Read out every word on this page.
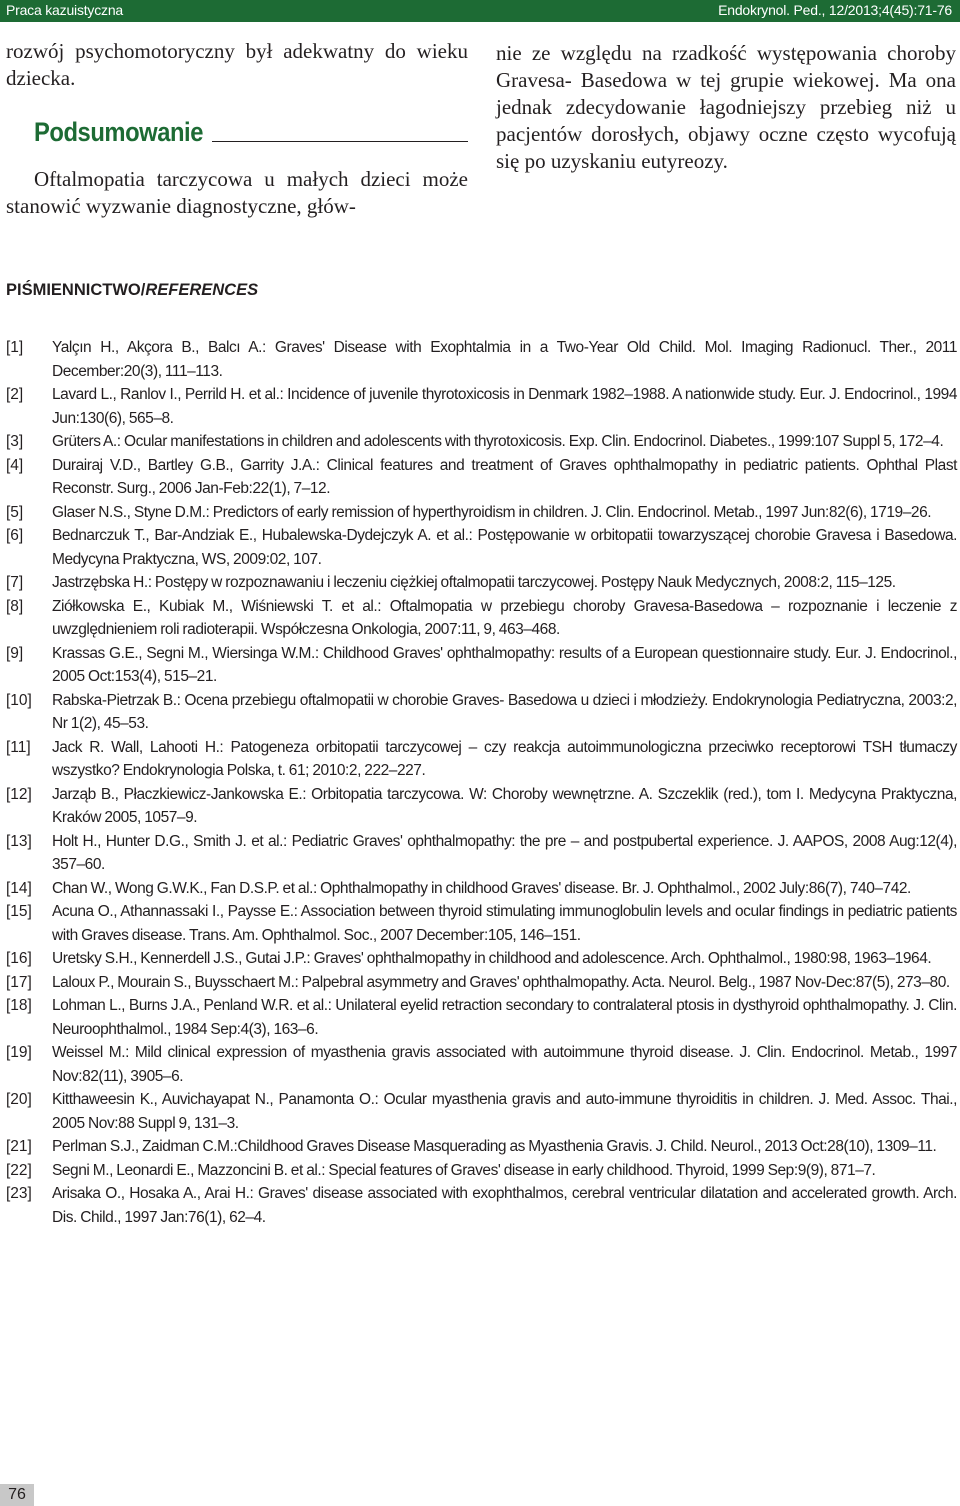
Praca kazuistyczna	Endokrynol. Ped., 12/2013;4(45):71-76

rozwój psychomotoryczny był adekwatny do wieku dziecka.

Podsumowanie

Oftalmopatia tarczycowa u małych dzieci może stanowić wyzwanie diagnostyczne, głów-

nie ze względu na rzadkość występowania choroby Gravesa- Basedowa w tej grupie wiekowej. Ma ona jednak zdecydowanie łagodniejszy przebieg niż u pacjentów dorosłych, objawy oczne często wycofują się po uzyskaniu eutyreozy.

PIŚMIENNICTWO/REFERENCES
[1]	Yalçın H., Akçora B., Balcı A.: Graves' Disease with Exophtalmia in a Two-Year Old Child. Mol. Imaging Radionucl. Ther., 2011 December:20(3), 111–113.
[2]	Lavard L., Ranlov I., Perrild H. et al.: Incidence of juvenile thyrotoxicosis in Denmark 1982–1988. A nationwide study. Eur. J. Endocrinol., 1994 Jun:130(6), 565–8.
[3]	Grüters A.: Ocular manifestations in children and adolescents with thyrotoxicosis. Exp. Clin. Endocrinol. Diabetes., 1999:107 Suppl 5, 172–4.
[4]	Durairaj V.D., Bartley G.B., Garrity J.A.: Clinical features and treatment of Graves ophthalmopathy in pediatric patients. Ophthal Plast Reconstr. Surg., 2006 Jan-Feb:22(1), 7–12.
[5]	Glaser N.S., Styne D.M.: Predictors of early remission of hyperthyroidism in children. J. Clin. Endocrinol. Metab., 1997 Jun:82(6), 1719–26.
[6]	Bednarczuk T., Bar-Andziak E., Hubalewska-Dydejczyk A. et al.: Postępowanie w orbitopatii towarzyszącej chorobie Gravesa i Basedowa. Medycyna Praktyczna, WS, 2009:02, 107.
[7]	Jastrzębska H.: Postępy w rozpoznawaniu i leczeniu ciężkiej oftalmopatii tarczycowej. Postępy Nauk Medycznych, 2008:2, 115–125.
[8]	Ziółkowska E., Kubiak M., Wiśniewski T. et al.: Oftalmopatia w przebiegu choroby Gravesa-Basedowa – rozpoznanie i leczenie z uwzględnieniem roli radioterapii. Współczesna Onkologia, 2007:11, 9, 463–468.
[9]	Krassas G.E., Segni M., Wiersinga W.M.: Childhood Graves' ophthalmopathy: results of a European questionnaire study. Eur. J. Endocrinol., 2005 Oct:153(4), 515–21.
[10]	Rabska-Pietrzak B.: Ocena przebiegu oftalmopatii w chorobie Graves- Basedowa u dzieci i młodzieży. Endokrynologia Pediatryczna, 2003:2, Nr 1(2), 45–53.
[11]	Jack R. Wall, Lahooti H.: Patogeneza orbitopatii tarczycowej – czy reakcja autoimmunologiczna przeciwko receptorowi TSH tłumaczy wszystko? Endokrynologia Polska, t. 61; 2010:2, 222–227.
[12]	Jarząb B., Płaczkiewicz-Jankowska E.: Orbitopatia tarczycowa. W: Choroby wewnętrzne. A. Szczeklik (red.), tom I. Medycyna Praktyczna, Kraków 2005, 1057–9.
[13]	Holt H., Hunter D.G., Smith J. et al.: Pediatric Graves' ophthalmopathy: the pre – and postpubertal experience. J. AAPOS, 2008 Aug:12(4), 357–60.
[14]	Chan W., Wong G.W.K., Fan D.S.P. et al.: Ophthalmopathy in childhood Graves' disease. Br. J. Ophthalmol., 2002 July:86(7), 740–742.
[15]	Acuna O., Athannassaki I., Paysse E.: Association between thyroid stimulating immunoglobulin levels and ocular findings in pediatric patients with Graves disease. Trans. Am. Ophthalmol. Soc., 2007 December:105, 146–151.
[16]	Uretsky S.H., Kennerdell J.S., Gutai J.P.: Graves' ophthalmopathy in childhood and adolescence. Arch. Ophthalmol., 1980:98, 1963–1964.
[17]	Laloux P., Mourain S., Buysschaert M.: Palpebral asymmetry and Graves' ophthalmopathy. Acta. Neurol. Belg., 1987 Nov-Dec:87(5), 273–80.
[18]	Lohman L., Burns J.A., Penland W.R. et al.: Unilateral eyelid retraction secondary to contralateral ptosis in dysthyroid ophthalmopathy. J. Clin. Neuroophthalmol., 1984 Sep:4(3), 163–6.
[19]	Weissel M.: Mild clinical expression of myasthenia gravis associated with autoimmune thyroid disease. J. Clin. Endocrinol. Metab., 1997 Nov:82(11), 3905–6.
[20]	Kitthaweesin K., Auvichayapat N., Panamonta O.: Ocular myasthenia gravis and auto-immune thyroiditis in children. J. Med. Assoc. Thai., 2005 Nov:88 Suppl 9, 131–3.
[21]	Perlman S.J., Zaidman C.M.:Childhood Graves Disease Masquerading as Myasthenia Gravis. J. Child. Neurol., 2013 Oct:28(10), 1309–11.
[22]	Segni M., Leonardi E., Mazzoncini B. et al.: Special features of Graves' disease in early childhood. Thyroid, 1999 Sep:9(9), 871–7.
[23]	Arisaka O., Hosaka A., Arai H.: Graves' disease associated with exophthalmos, cerebral ventricular dilatation and accelerated growth. Arch. Dis. Child., 1997 Jan:76(1), 62–4.
76
